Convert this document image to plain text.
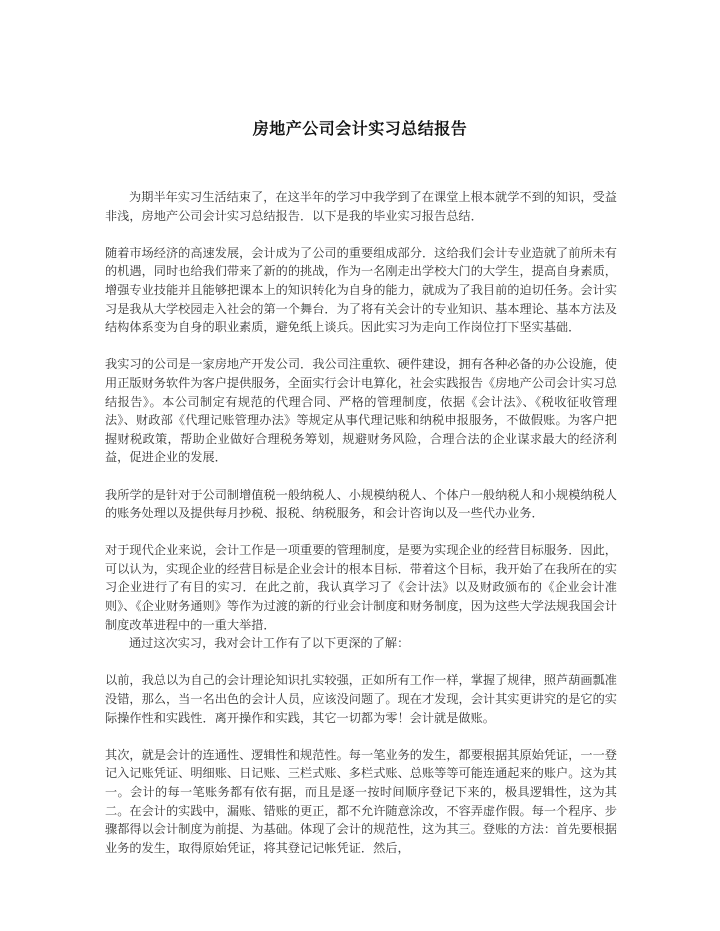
房地产公司会计实习总结报告

为期半年实习生活结束了，在这半年的学习中我学到了在课堂上根本就学不到的知识，受益非浅，房地产公司会计实习总结报告．以下是我的毕业实习报告总结．

随着市场经济的高速发展，会计成为了公司的重要组成部分．这给我们会计专业造就了前所未有的机遇，同时也给我们带来了新的的挑战，作为一名刚走出学校大门的大学生，提高自身素质，增强专业技能并且能够把课本上的知识转化为自身的能力，就成为了我目前的迫切任务。会计实习是我从大学校园走入社会的第一个舞台．为了将有关会计的专业知识、基本理论、基本方法及结构体系变为自身的职业素质，避免纸上谈兵。因此实习为走向工作岗位打下坚实基础．

我实习的公司是一家房地产开发公司．我公司注重软、硬件建设，拥有各种必备的办公设施，使用正版财务软件为客户提供服务，全面实行会计电算化，社会实践报告《房地产公司会计实习总结报告》。本公司制定有规范的代理合同、严格的管理制度，依据《会计法》、《税收征收管理法》、财政部《代理记账管理办法》等规定从事代理记账和纳税申报服务，不做假账。为客户把握财税政策，帮助企业做好合理税务筹划，规避财务风险，合理合法的企业谋求最大的经济利益，促进企业的发展．

我所学的是针对于公司制增值税一般纳税人、小规模纳税人、个体户一般纳税人和小规模纳税人的账务处理以及提供每月抄税、报税、纳税服务，和会计咨询以及一些代办业务．

对于现代企业来说，会计工作是一项重要的管理制度，是要为实现企业的经营目标服务．因此，可以认为，实现企业的经营目标是企业会计的根本目标．带着这个目标，我开始了在我所在的实习企业进行了有目的实习．在此之前，我认真学习了《会计法》以及财政颁布的《企业会计准则》、《企业财务通则》等作为过渡的新的行业会计制度和财务制度，因为这些大学法规我国会计制度改革进程中的一重大举措．

通过这次实习，我对会计工作有了以下更深的了解：

以前，我总以为自己的会计理论知识扎实较强，正如所有工作一样，掌握了规律，照芦葫画瓢准没错，那么，当一名出色的会计人员，应该没问题了。现在才发现，会计其实更讲究的是它的实际操作性和实践性．离开操作和实践，其它一切都为零！会计就是做账。

其次，就是会计的连通性、逻辑性和规范性。每一笔业务的发生，都要根据其原始凭证，一一登记入记账凭证、明细账、日记账、三栏式账、多栏式账、总账等等可能连通起来的账户。这为其一。会计的每一笔账务都有依有据，而且是逐一按时间顺序登记下来的，极具逻辑性，这为其二。在会计的实践中，漏账、错账的更正，都不允许随意涂改，不容弄虚作假。每一个程序、步骤都得以会计制度为前提、为基础。体现了会计的规范性，这为其三。登账的方法：首先要根据业务的发生，取得原始凭证，将其登记记帐凭证．然后，
